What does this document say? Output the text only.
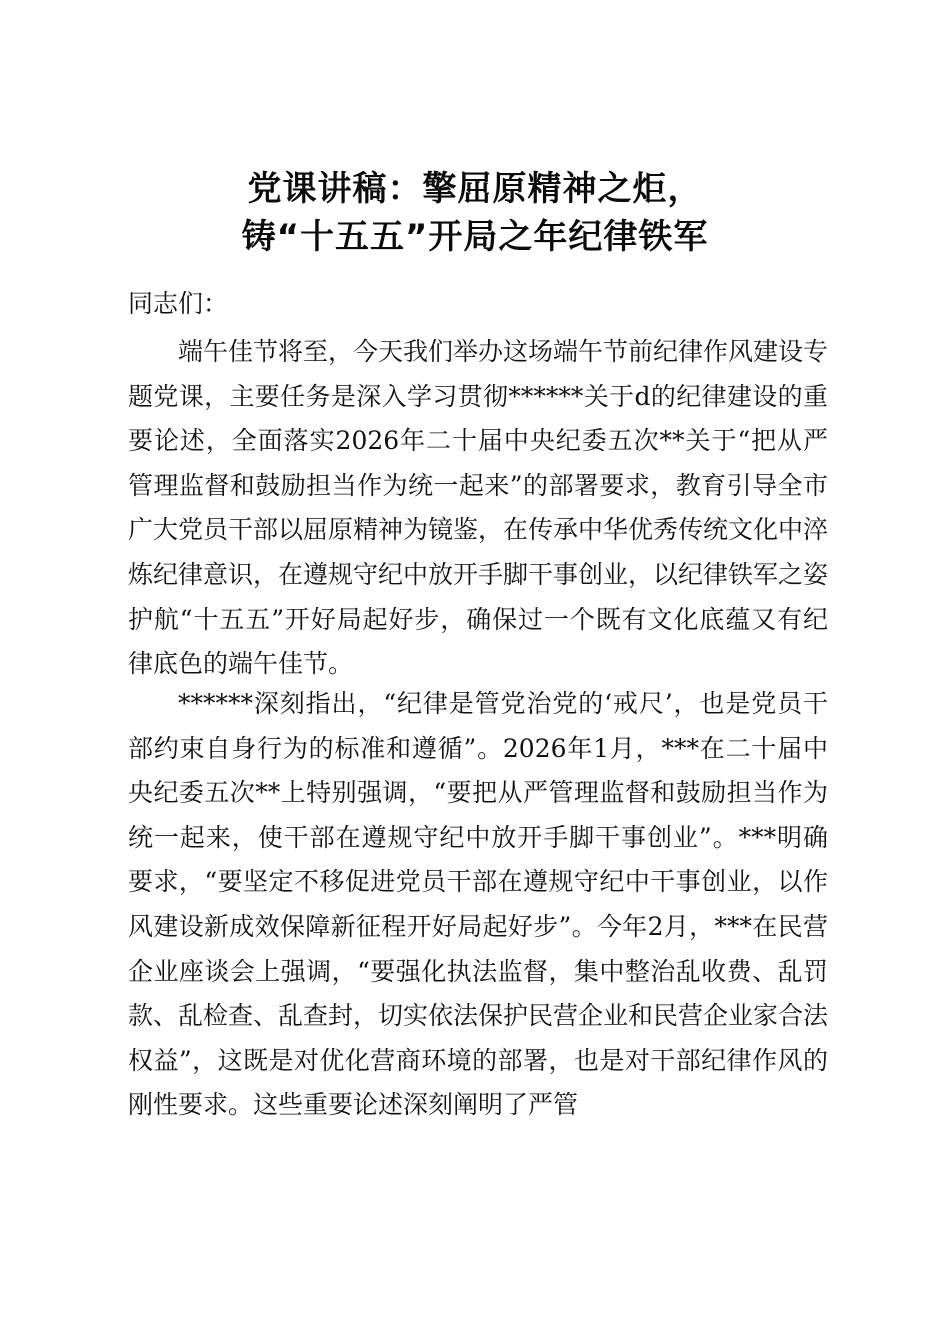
党课讲稿：擎屈原精神之炬，
铸“十五五”开局之年纪律铁军
同志们：

端午佳节将至，今天我们举办这场端午节前纪律作风建设专题党课，主要任务是深入学习贯彻******关于d的纪律建设的重要论述，全面落实2026年二十届中央纪委五次**关于“把从严管理监督和鼓励担当作为统一起来”的部署要求，教育引导全市广大党员干部以屈原精神为镜鉴，在传承中华优秀传统文化中淬炼纪律意识，在遵规守纪中放开手脚干事创业，以纪律铁军之姿护航“十五五”开好局起好步，确保过一个既有文化底蕴又有纪律底色的端午佳节。

******深刻指出，“纪律是管党治党的‘戒尺’，也是党员干部约束自身行为的标准和遵循”。2026年1月，***在二十届中央纪委五次**上特别强调，“要把从严管理监督和鼓励担当作为统一起来，使干部在遵规守纪中放开手脚干事创业”。***明确要求，“要坚定不移促进党员干部在遵规守纪中干事创业，以作风建设新成效保障新征程开好局起好步”。今年2月，***在民营企业座谈会上强调，“要强化执法监督，集中整治乱收费、乱罚款、乱检查、乱查封，切实依法保护民营企业和民营企业家合法权益”，这既是对优化营商环境的部署，也是对干部纪律作风的刚性要求。这些重要论述深刻阐明了严管
